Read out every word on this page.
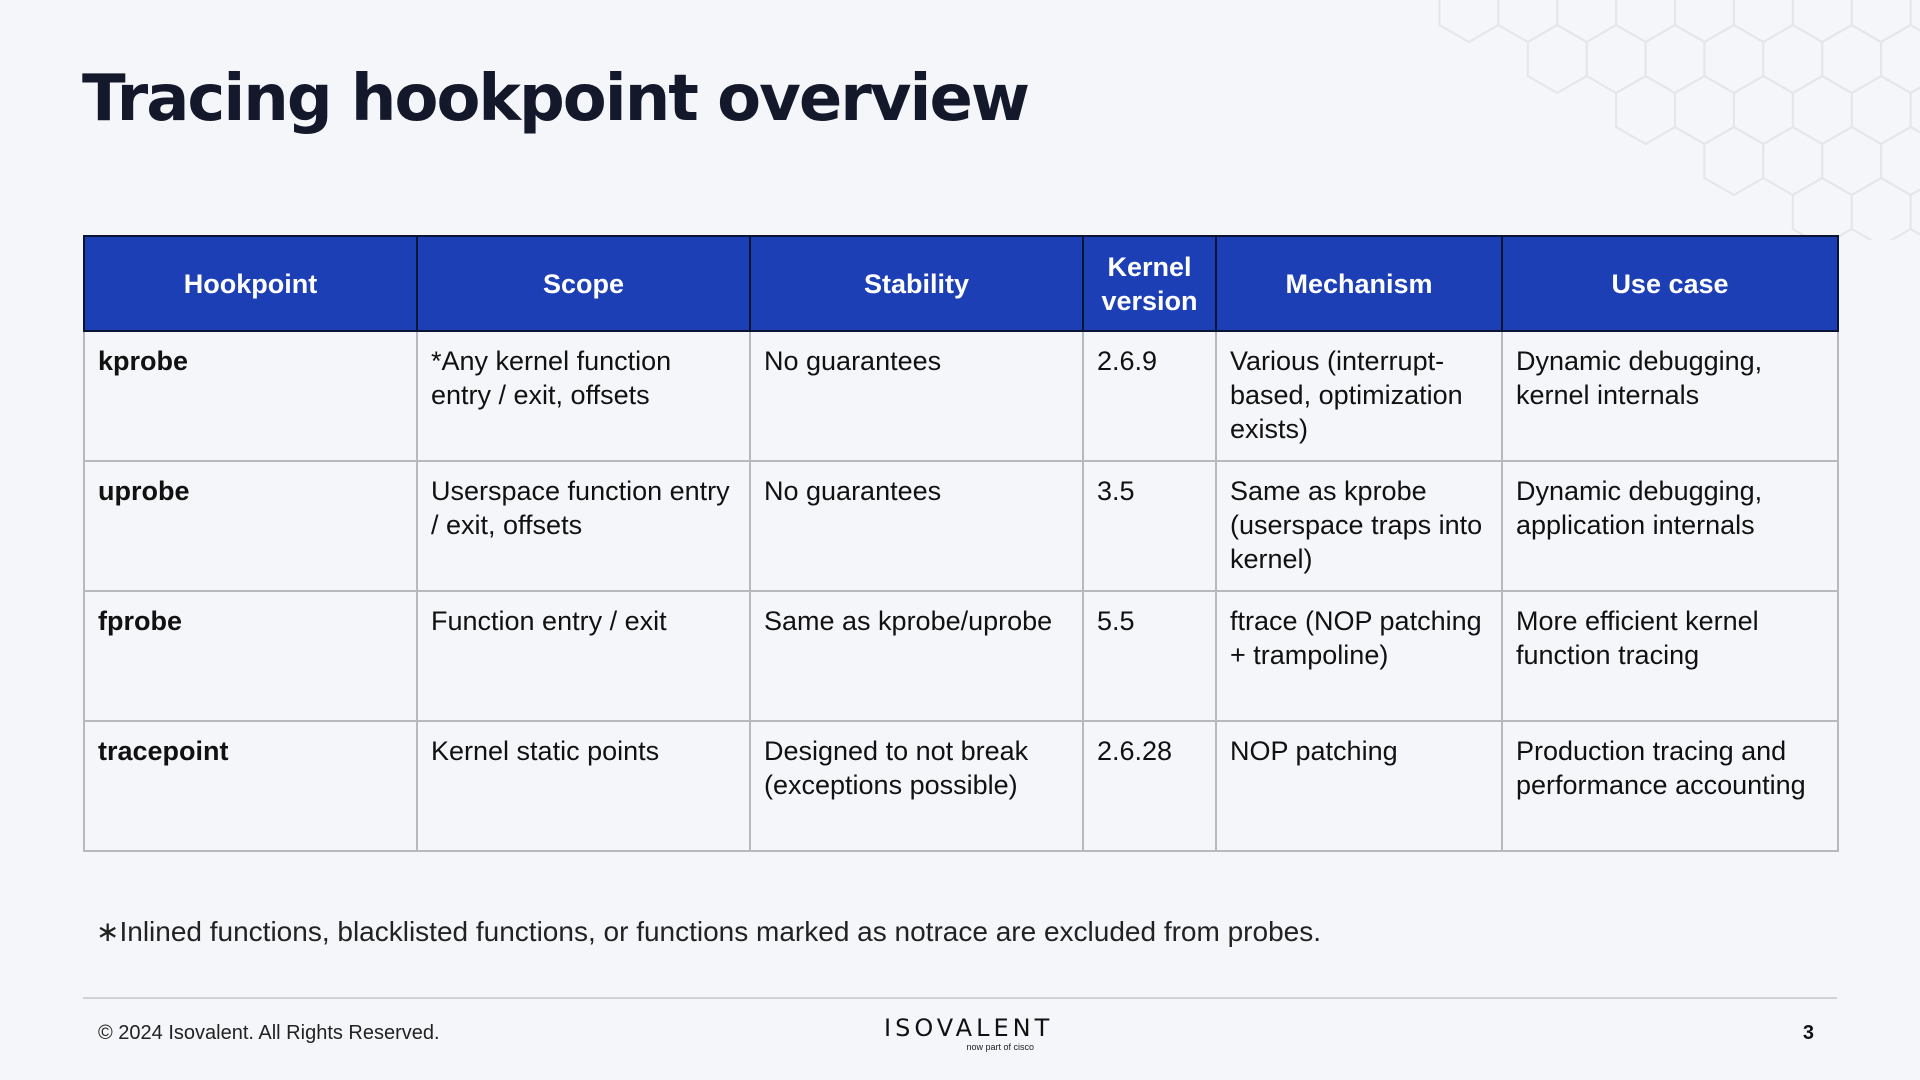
Tracing hookpoint overview
Hookpoint	Scope	Stability	Kernel version	Mechanism	Use case
kprobe	*Any kernel function entry / exit, offsets	No guarantees	2.6.9	Various (interrupt-based, optimization exists)	Dynamic debugging, kernel internals
uprobe	Userspace function entry / exit, offsets	No guarantees	3.5	Same as kprobe (userspace traps into kernel)	Dynamic debugging, application internals
fprobe	Function entry / exit	Same as kprobe/uprobe	5.5	ftrace (NOP patching + trampoline)	More efficient kernel function tracing
tracepoint	Kernel static points	Designed to not break (exceptions possible)	2.6.28	NOP patching	Production tracing and performance accounting

∗Inlined functions, blacklisted functions, or functions marked as notrace are excluded from probes.

© 2024 Isovalent. All Rights Reserved.	ISOVALENT
now part of cisco
3
